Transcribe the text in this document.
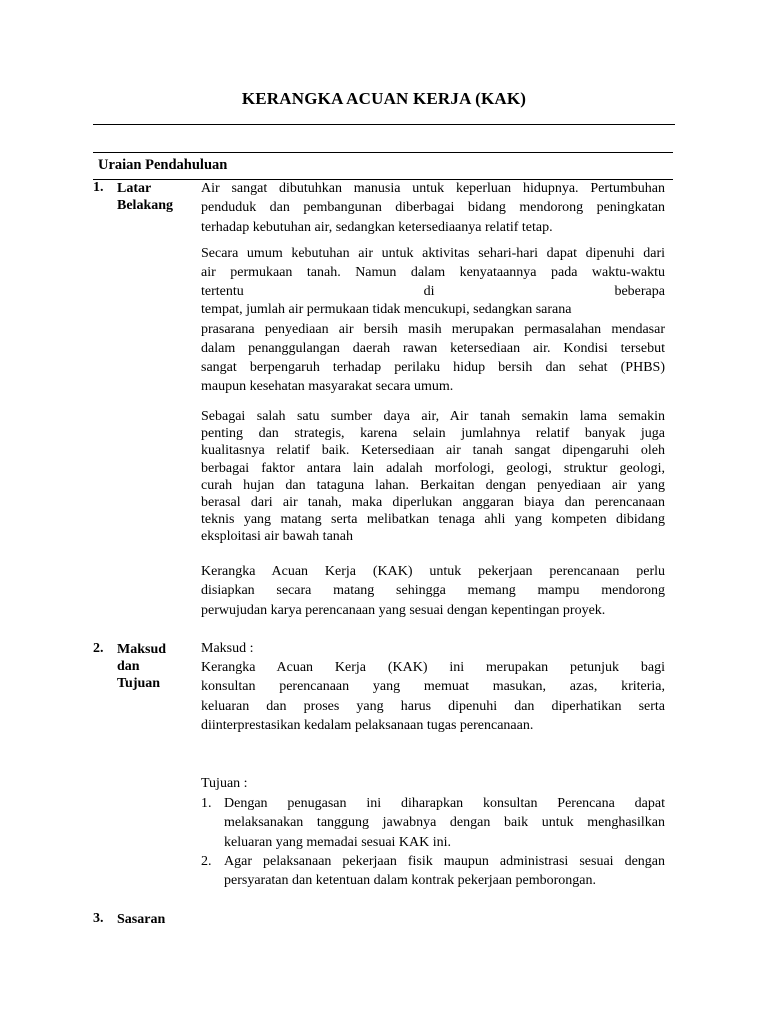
KERANGKA ACUAN KERJA (KAK)
Uraian Pendahuluan
1. Latar
Belakang
Air sangat dibutuhkan manusia untuk keperluan hidupnya. Pertumbuhan
penduduk dan pembangunan diberbagai bidang mendorong peningkatan
terhadap kebutuhan air, sedangkan ketersediaanya relatif tetap.
Secara umum kebutuhan air untuk aktivitas sehari-hari dapat dipenuhi dari
air permukaan tanah. Namun dalam kenyataannya pada waktu-waktu
tertentu	di	beberapa
tempat, jumlah air permukaan tidak mencukupi, sedangkan sarana
prasarana penyediaan air bersih masih merupakan permasalahan mendasar
dalam penanggulangan daerah rawan ketersediaan air. Kondisi tersebut
sangat berpengaruh terhadap perilaku hidup bersih dan sehat (PHBS)
maupun kesehatan masyarakat secara umum.
Sebagai salah satu sumber daya air, Air tanah semakin lama semakin
penting dan strategis, karena selain jumlahnya relatif banyak juga
kualitasnya relatif baik. Ketersediaan air tanah sangat dipengaruhi oleh
berbagai faktor antara lain adalah morfologi, geologi, struktur geologi,
curah hujan dan tataguna lahan. Berkaitan dengan penyediaan air yang
berasal dari air tanah, maka diperlukan anggaran biaya dan perencanaan
teknis yang matang serta melibatkan tenaga ahli yang kompeten dibidang
eksploitasi air bawah tanah
Kerangka Acuan Kerja (KAK) untuk pekerjaan perencanaan perlu
disiapkan secara matang sehingga memang mampu mendorong
perwujudan karya perencanaan yang sesuai dengan kepentingan proyek.
2. Maksud
dan
Tujuan
Maksud :
Kerangka Acuan Kerja (KAK) ini merupakan petunjuk bagi
konsultan perencanaan yang memuat masukan, azas, kriteria,
keluaran dan proses yang harus dipenuhi dan diperhatikan serta
diinterprestasikan kedalam pelaksanaan tugas perencanaan.
Tujuan :
1. Dengan penugasan ini diharapkan konsultan Perencana dapat
melaksanakan tanggung jawabnya dengan baik untuk menghasilkan
keluaran yang memadai sesuai KAK ini.
2. Agar pelaksanaan pekerjaan fisik maupun administrasi sesuai dengan
persyaratan dan ketentuan dalam kontrak pekerjaan pemborongan.
3. Sasaran
